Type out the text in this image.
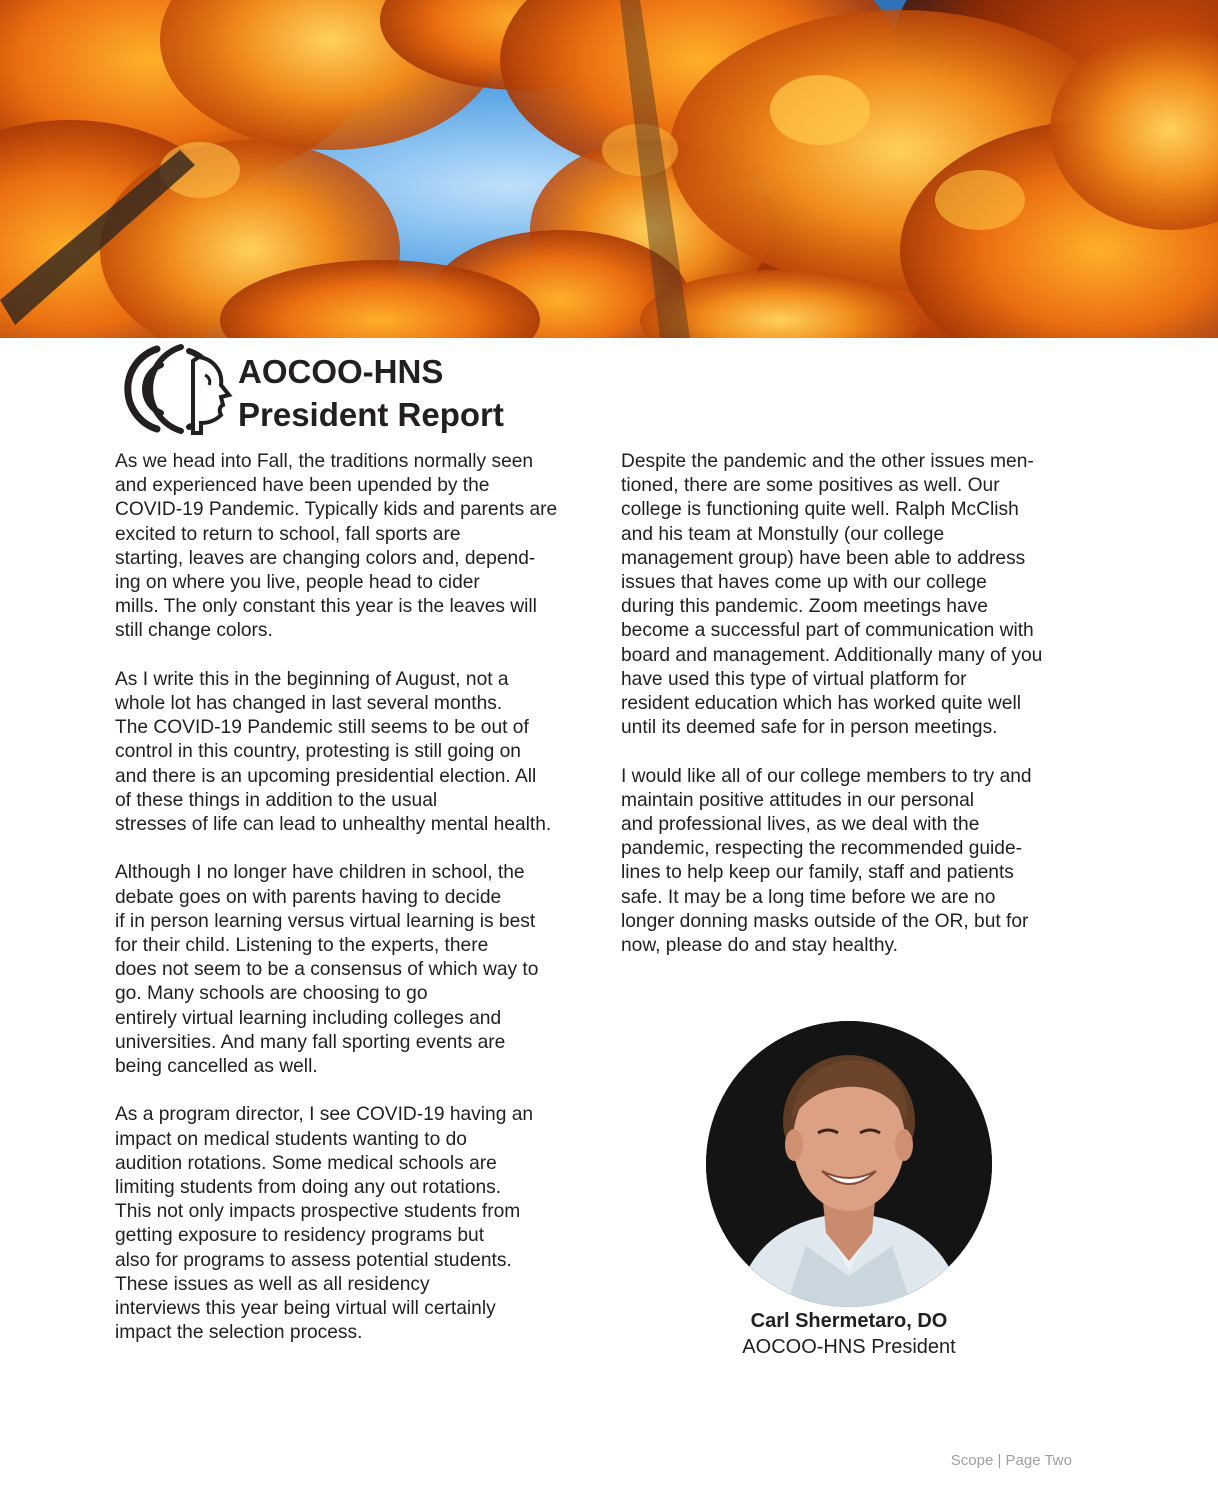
AOCOO-HNS
President Report

As we head into Fall, the traditions normally seen
and experienced have been upended by the
COVID-19 Pandemic. Typically kids and parents are
excited to return to school, fall sports are
starting, leaves are changing colors and, depend-
ing on where you live, people head to cider
mills. The only constant this year is the leaves will
still change colors.

As I write this in the beginning of August, not a
whole lot has changed in last several months.
The COVID-19 Pandemic still seems to be out of
control in this country, protesting is still going on
and there is an upcoming presidential election. All
of these things in addition to the usual
stresses of life can lead to unhealthy mental health.

Although I no longer have children in school, the
debate goes on with parents having to decide
if in person learning versus virtual learning is best
for their child. Listening to the experts, there
does not seem to be a consensus of which way to
go. Many schools are choosing to go
entirely virtual learning including colleges and
universities. And many fall sporting events are
being cancelled as well.

As a program director, I see COVID-19 having an
impact on medical students wanting to do
audition rotations. Some medical schools are
limiting students from doing any out rotations.
This not only impacts prospective students from
getting exposure to residency programs but
also for programs to assess potential students.
These issues as well as all residency
interviews this year being virtual will certainly
impact the selection process.

Despite the pandemic and the other issues men-
tioned, there are some positives as well. Our
college is functioning quite well. Ralph McClish
and his team at Monstully (our college
management group) have been able to address
issues that haves come up with our college
during this pandemic. Zoom meetings have
become a successful part of communication with
board and management. Additionally many of you
have used this type of virtual platform for
resident education which has worked quite well
until its deemed safe for in person meetings.

I would like all of our college members to try and
maintain positive attitudes in our personal
and professional lives, as we deal with the
pandemic, respecting the recommended guide-
lines to help keep our family, staff and patients
safe. It may be a long time before we are no
longer donning masks outside of the OR, but for
now, please do and stay healthy.

Carl Shermetaro, DO
AOCOO-HNS President
Scope | Page Two
